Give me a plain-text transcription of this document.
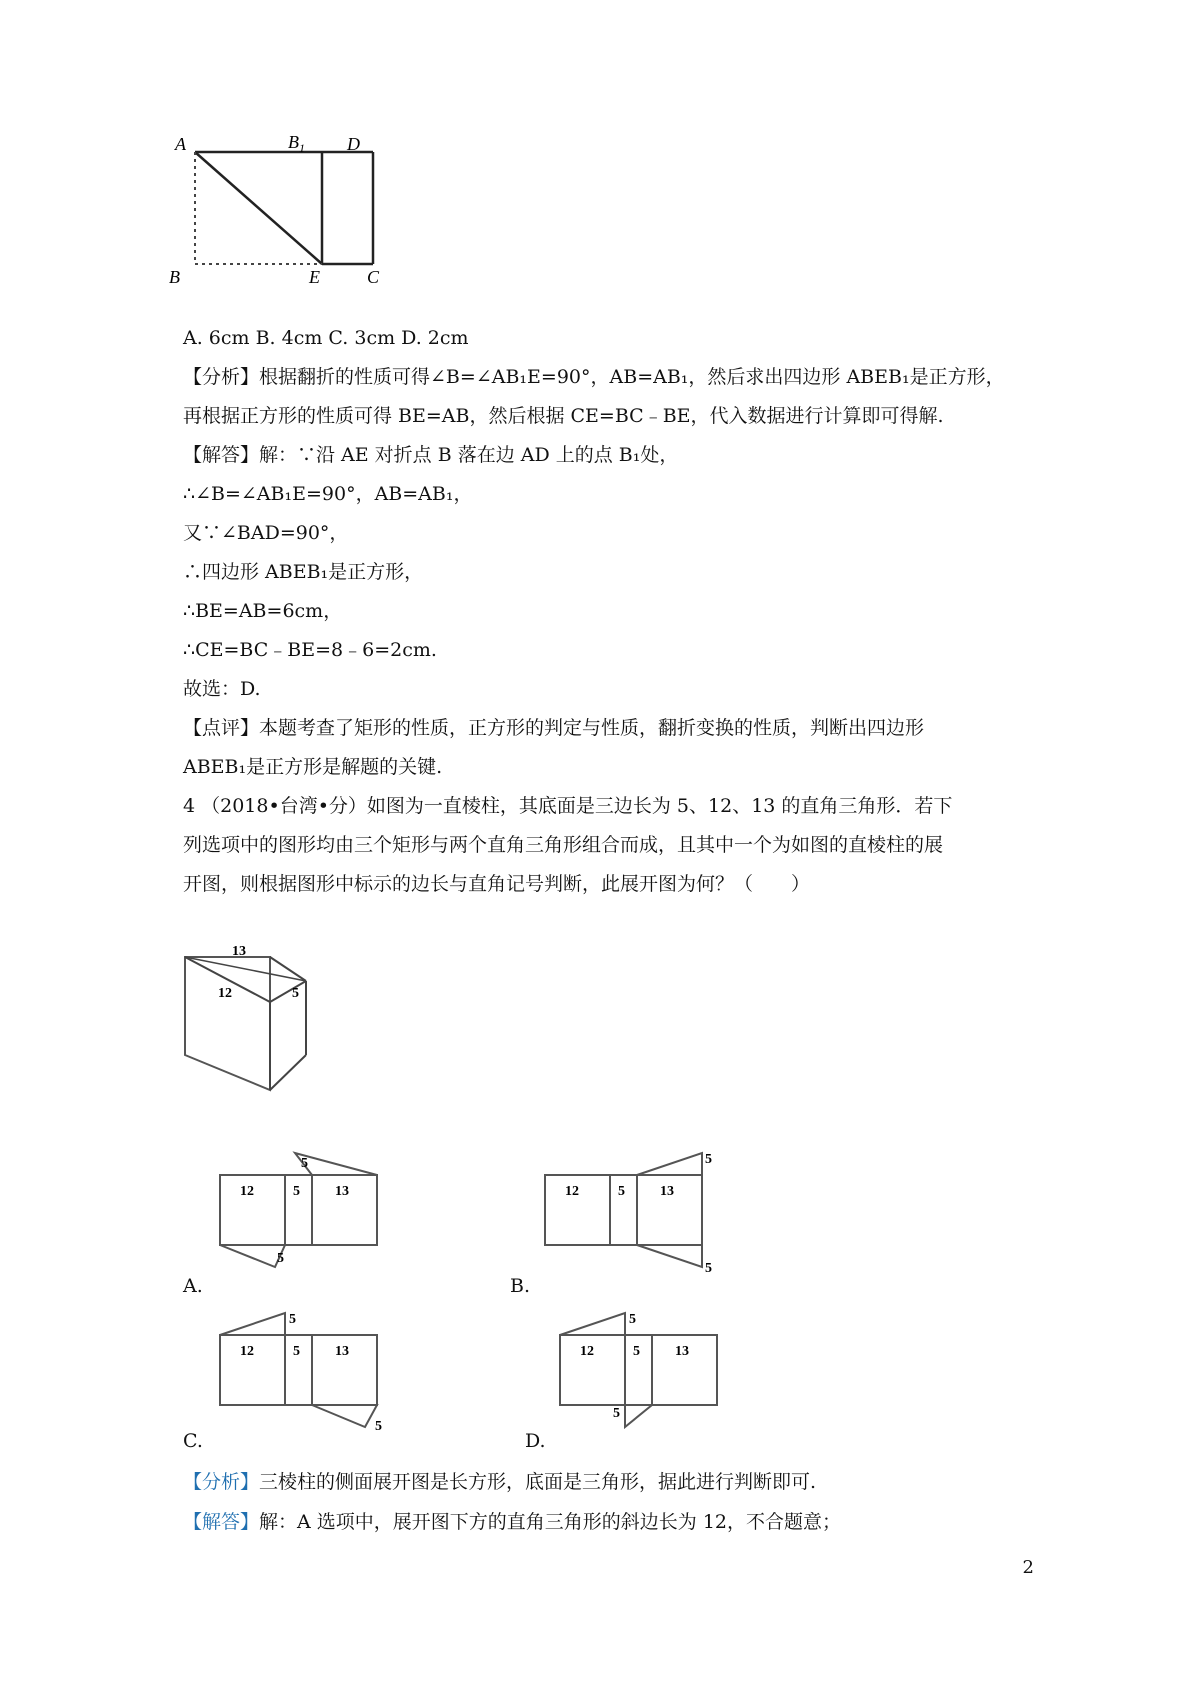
A	$B_1$ D
B	E	C
A. 6cm B. 4cm C. 3cm D. 2cm
【分析】根据翻折的性质可得∠B=∠AB₁E=90°，AB=AB₁，然后求出四边形 ABEB₁是正方形，
再根据正方形的性质可得 BE=AB，然后根据 CE=BC﹣BE，代入数据进行计算即可得解.
【解答】解：∵沿 AE 对折点 B 落在边 AD 上的点 B₁处，
∴∠B=∠AB₁E=90°，AB=AB₁，
又∵∠BAD=90°，
∴四边形 ABEB₁是正方形，
∴BE=AB=6cm，
∴CE=BC﹣BE=8﹣6=2cm.
故选：D.
【点评】本题考查了矩形的性质，正方形的判定与性质，翻折变换的性质，判断出四边形
ABEB₁是正方形是解题的关键.
4 （2018•台湾•分）如图为一直棱柱，其底面是三边长为 5、12、13 的直角三角形．若下
列选项中的图形均由三个矩形与两个直角三角形组合而成，且其中一个为如图的直棱柱的展
开图，则根据图形中标示的边长与直角记号判断，此展开图为何？（　　）
13
12	5
12	5	13
5
5
A.
12	5	13
5
5
B.
12	5	13
5
5
C.
12	5	13
5
5
D.
【分析】三棱柱的侧面展开图是长方形，底面是三角形，据此进行判断即可.
【解答】解：A 选项中，展开图下方的直角三角形的斜边长为 12，不合题意；
2
